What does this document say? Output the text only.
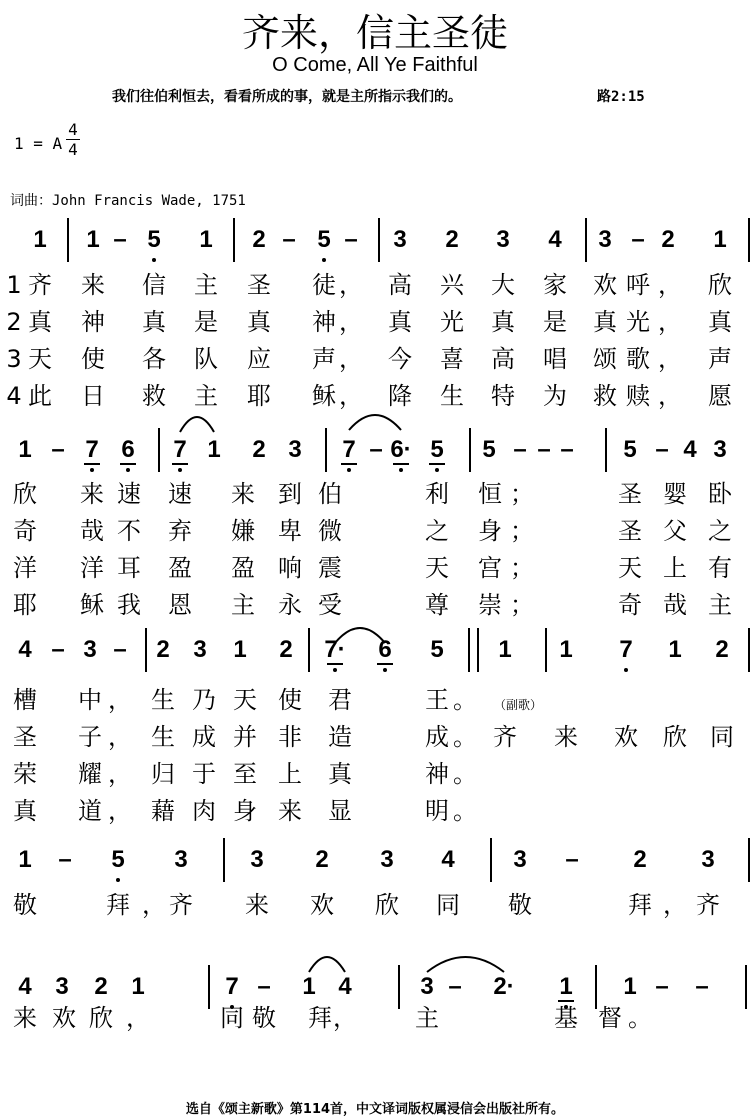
齐来，信主圣徒
O Come, All Ye Faithful
我们往伯利恒去，看看所成的事，就是主所指示我们的。	路2:15
1 = A
4
4
词曲：John Francis Wade, 1751
1	1 – 5	1	2 – 5 –	3	2	3	4	3 – 2	1
1 齐 来 信 主 圣 徒 ， 高 兴 大 家 欢 呼 ， 欣
2 真 神 真 是 真 神 ， 真 光 真 是 真 光 ， 真
3 天 使 各 队 应 声 ， 今 喜 高 唱 颂 歌 ， 声
4 此 日 救 主 耶 稣 ， 降 生 特 为 救 赎 ， 愿
1 – 7 6	7 1	2 3	7 – 6· 5	5 – – –	5 – 4 3
欣 来 速 速 来 到 伯	利 恒 ；	圣 婴 卧
奇 哉 不 弃 嫌 卑 微	之 身 ；	圣 父 之
洋 洋 耳 盈 盈 响 震	天 宫 ；	天 上 有
耶 稣 我 恩 主 永 受	尊 崇 ；	奇 哉 主
4 – 3 –	2 3	1	2	7·	6	5	1	1	7	1	2
槽 中 ， 生 乃 天 使 君	王 。
圣 子 ， 生 成 并 非 造	成 。 齐 来 欢 欣 同
荣 耀 ， 归 于 至 上 真	神 。
真 道 ， 藉 肉 身 来 显	明 。
1	–	5	3	3	2	3	4	3	–	2	3
敬	拜 ， 齐 来 欢 欣 同 敬	拜 ， 齐
4 3	2 1	7 –	1 4	3 –	2·	1	1 –	–
来 欢 欣 ，	同 敬 拜 ， 主	基 督 。
（副歌）
选自《颂主新歌》第114首，中文译词版权属浸信会出版社所有。
